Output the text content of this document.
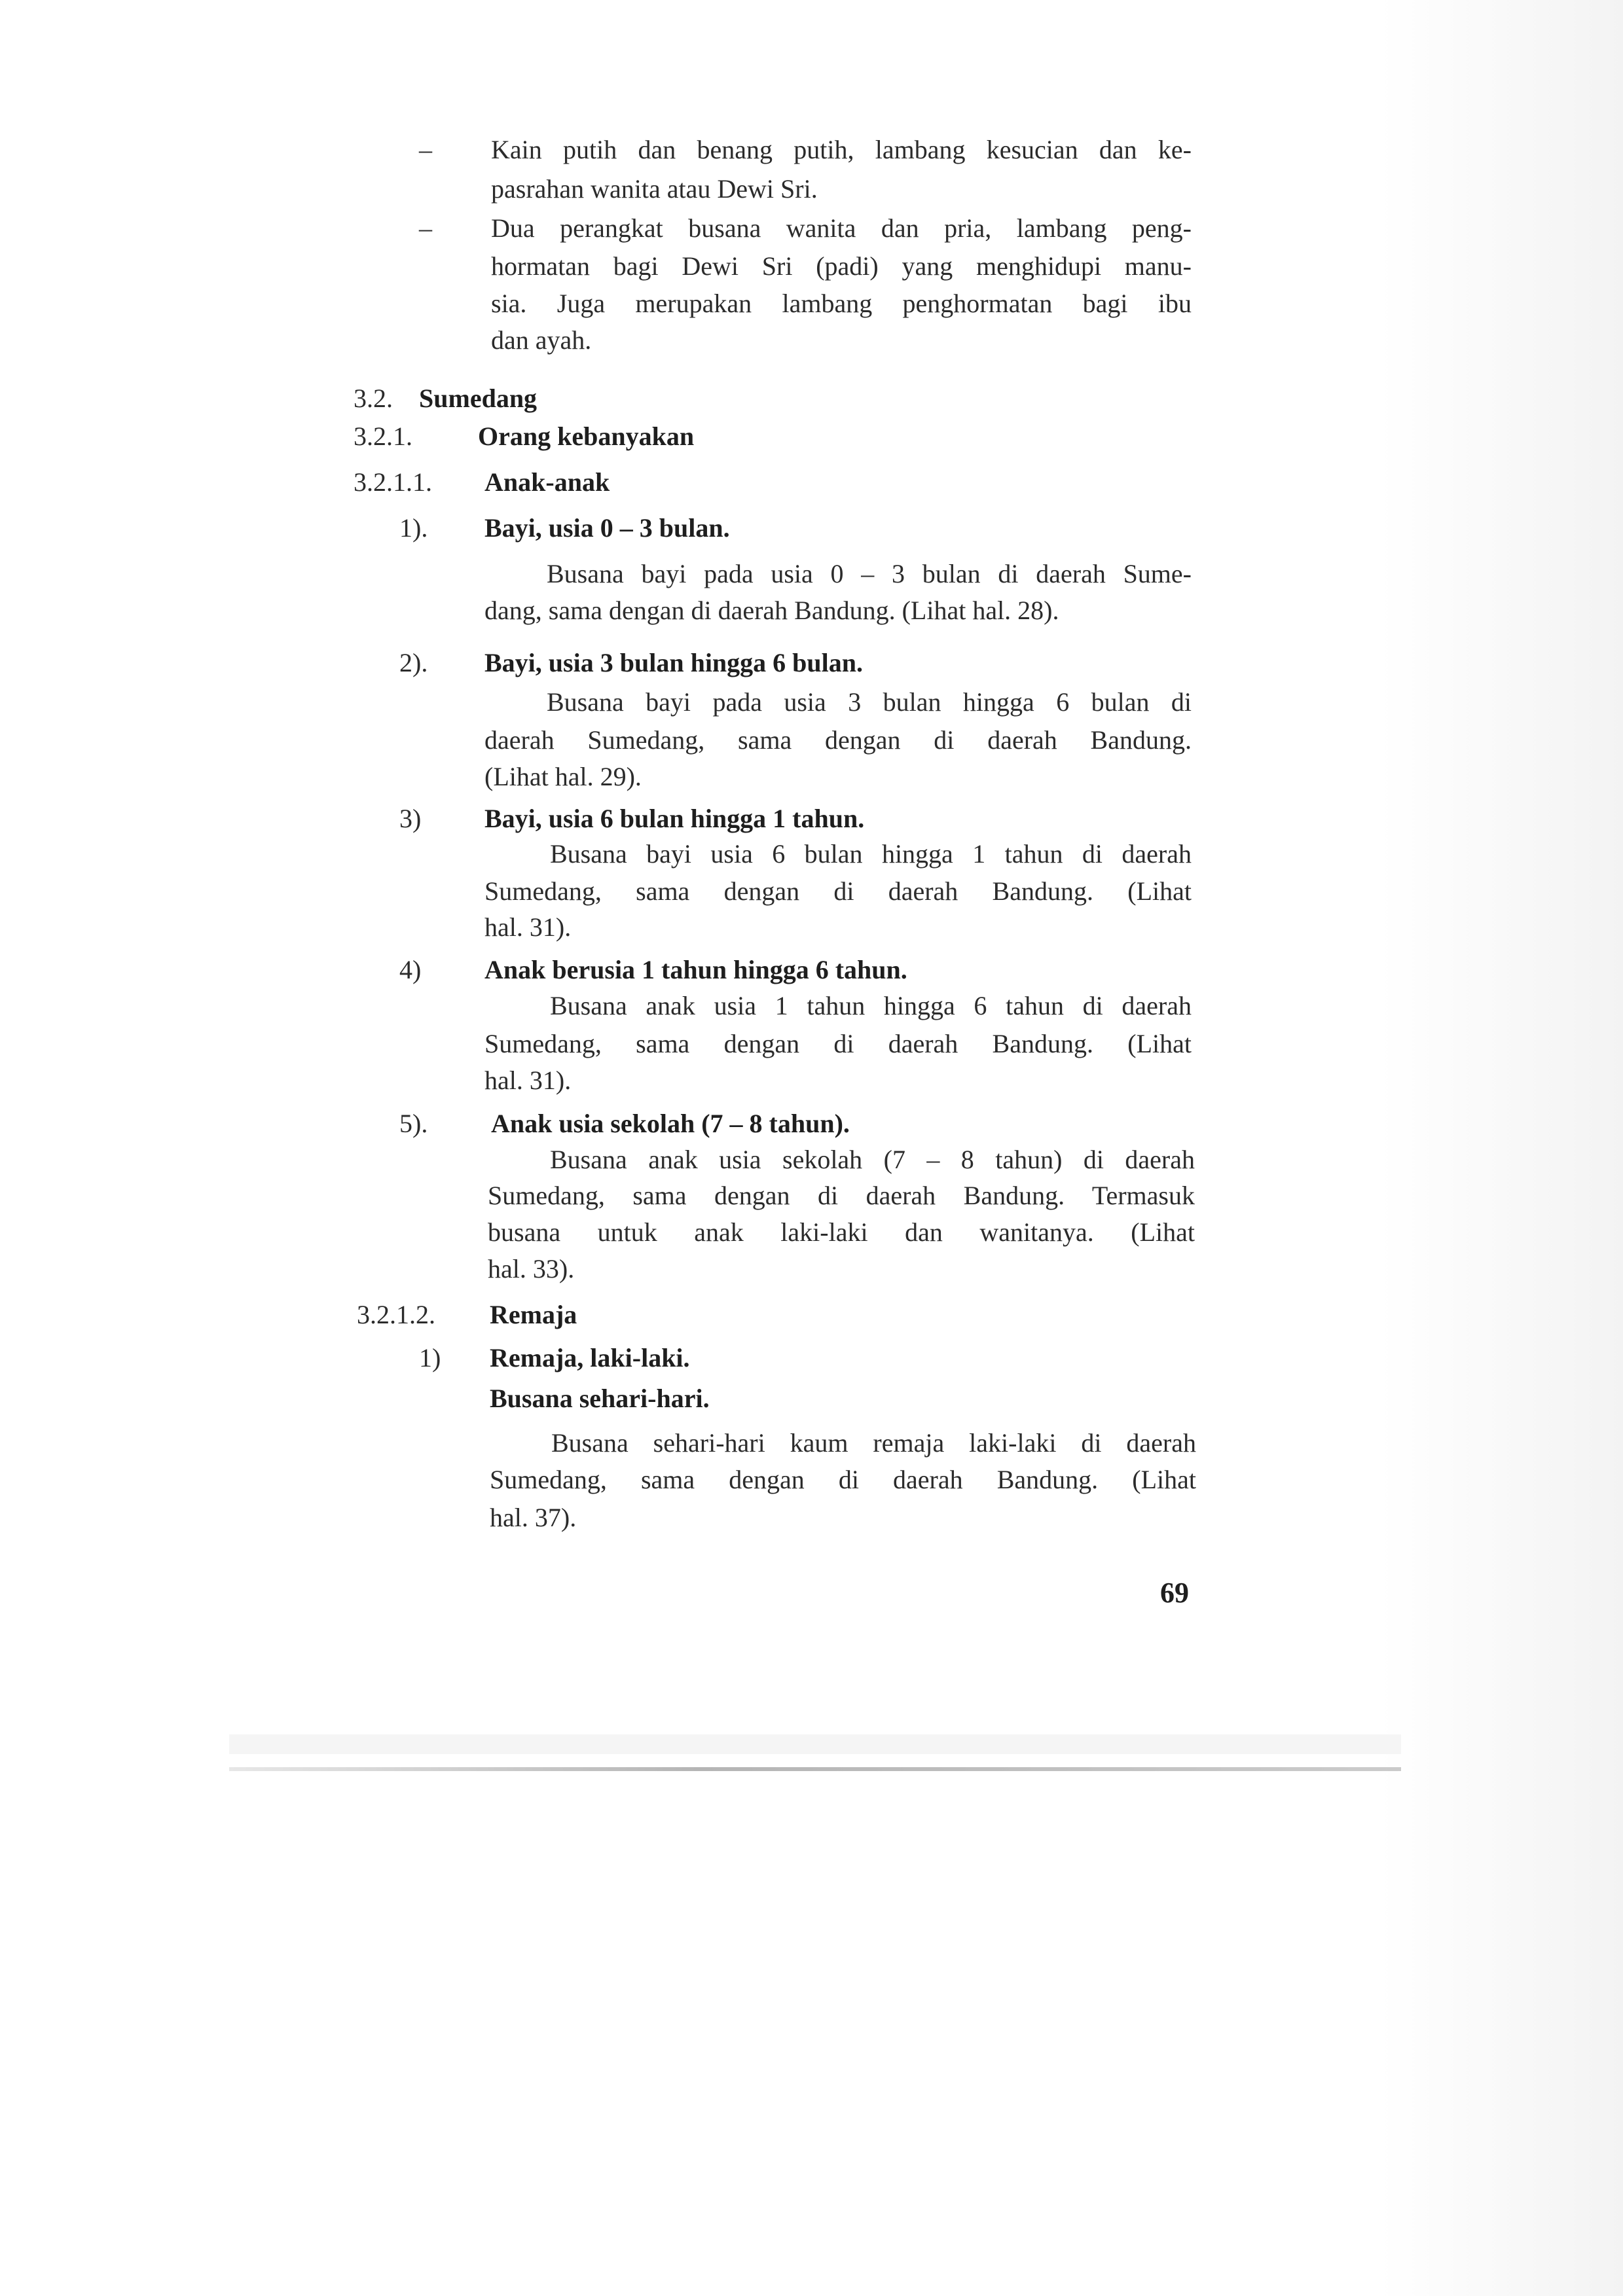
– Kain putih dan benang putih, lambang kesucian dan ke-
pasrahan wanita atau Dewi Sri.
– Dua perangkat busana wanita dan pria, lambang peng-
hormatan bagi Dewi Sri (padi) yang menghidupi manu-
sia. Juga merupakan lambang penghormatan bagi ibu
dan ayah.
3.2. Sumedang
3.2.1.	Orang kebanyakan
3.2.1.1. Anak-anak
1). Bayi, usia 0 – 3 bulan.
Busana bayi pada usia 0 – 3 bulan di daerah Sume-
dang, sama dengan di daerah Bandung. (Lihat hal. 28).
2). Bayi, usia 3 bulan hingga 6 bulan.
Busana bayi pada usia 3 bulan hingga 6 bulan di
daerah Sumedang, sama dengan di daerah Bandung.
(Lihat hal. 29).
3) Bayi, usia 6 bulan hingga 1 tahun.
Busana bayi usia 6 bulan hingga 1 tahun di daerah
Sumedang, sama dengan di daerah Bandung. (Lihat
hal. 31).
4) Anak berusia 1 tahun hingga 6 tahun.
Busana anak usia 1 tahun hingga 6 tahun di daerah
Sumedang, sama dengan di daerah Bandung. (Lihat
hal. 31).
5). Anak usia sekolah (7 – 8 tahun).
Busana anak usia sekolah (7 – 8 tahun) di daerah
Sumedang, sama dengan di daerah Bandung. Termasuk
busana untuk anak laki-laki dan wanitanya. (Lihat
hal. 33).
3.2.1.2. Remaja
1) Remaja, laki-laki.
Busana sehari-hari.
Busana sehari-hari kaum remaja laki-laki di daerah
Sumedang, sama dengan di daerah Bandung. (Lihat
hal. 37).
69
